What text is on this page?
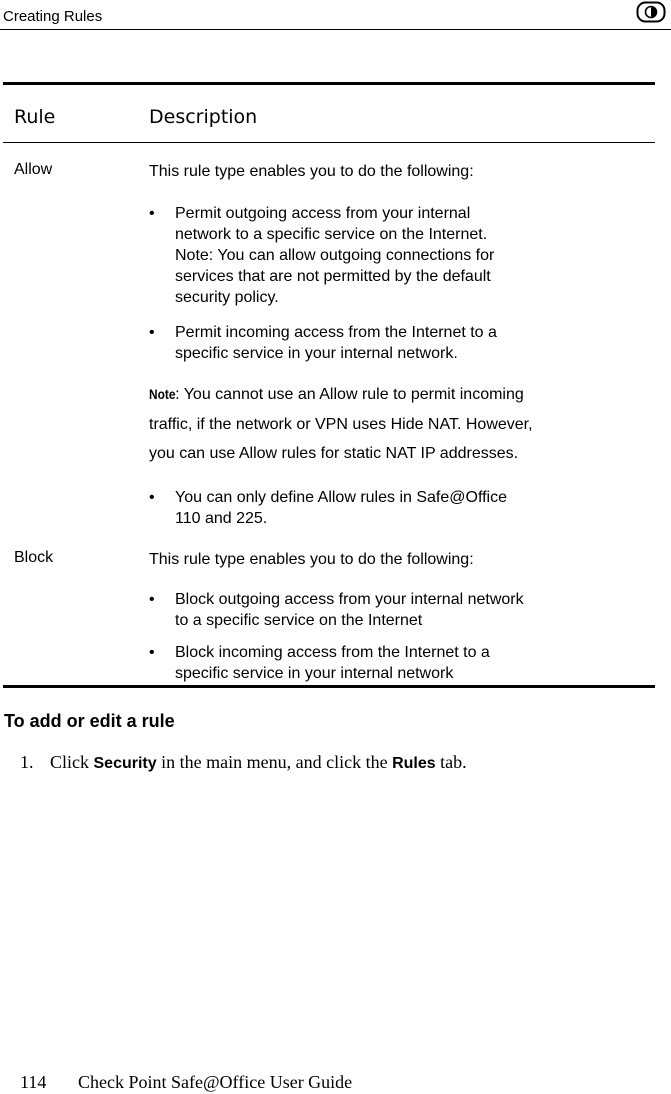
Creating Rules
Rule	Description
Allow	This rule type enables you to do the following:
•	Permit outgoing access from your internal
network to a specific service on the Internet.
Note: You can allow outgoing connections for
services that are not permitted by the default
security policy.
•	Permit incoming access from the Internet to a
specific service in your internal network.
Note: You cannot use an Allow rule to permit incoming
traffic, if the network or VPN uses Hide NAT. However,
you can use Allow rules for static NAT IP addresses.
•	You can only define Allow rules in Safe@Office
110 and 225.
Block	This rule type enables you to do the following:
•	Block outgoing access from your internal network
to a specific service on the Internet
•	Block incoming access from the Internet to a
specific service in your internal network
To add or edit a rule
1. Click Security in the main menu, and click the Rules tab.
114 Check Point Safe@Office User Guide
